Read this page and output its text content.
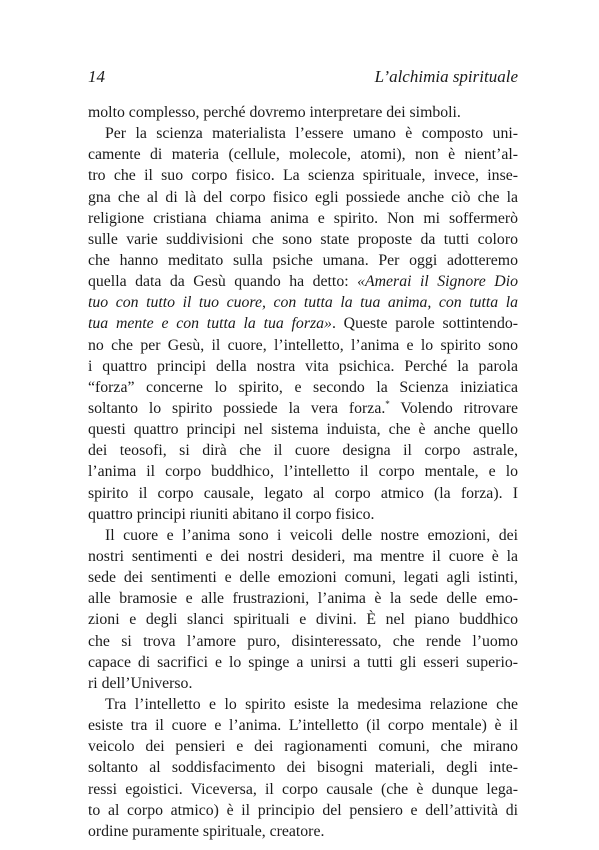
14	L’alchimia spirituale
molto complesso, perché dovremo interpretare dei simboli.
Per la scienza materialista l’essere umano è composto uni-
camente di materia (cellule, molecole, atomi), non è nient’al-
tro che il suo corpo fisico. La scienza spirituale, invece, inse-
gna che al di là del corpo fisico egli possiede anche ciò che la
religione cristiana chiama anima e spirito. Non mi soffermerò
sulle varie suddivisioni che sono state proposte da tutti coloro
che hanno meditato sulla psiche umana. Per oggi adotteremo
quella data da Gesù quando ha detto: «Amerai il Signore Dio
tuo con tutto il tuo cuore, con tutta la tua anima, con tutta la
tua mente e con tutta la tua forza». Queste parole sottintendo-
no che per Gesù, il cuore, l’intelletto, l’anima e lo spirito sono
i quattro principi della nostra vita psichica. Perché la parola
“forza” concerne lo spirito, e secondo la Scienza iniziatica
soltanto lo spirito possiede la vera forza.* Volendo ritrovare
questi quattro principi nel sistema induista, che è anche quello
dei teosofi, si dirà che il cuore designa il corpo astrale,
l’anima il corpo buddhico, l’intelletto il corpo mentale, e lo
spirito il corpo causale, legato al corpo atmico (la forza). I
quattro principi riuniti abitano il corpo fisico.
Il cuore e l’anima sono i veicoli delle nostre emozioni, dei
nostri sentimenti e dei nostri desideri, ma mentre il cuore è la
sede dei sentimenti e delle emozioni comuni, legati agli istinti,
alle bramosie e alle frustrazioni, l’anima è la sede delle emo-
zioni e degli slanci spirituali e divini. È nel piano buddhico
che si trova l’amore puro, disinteressato, che rende l’uomo
capace di sacrifici e lo spinge a unirsi a tutti gli esseri superio-
ri dell’Universo.
Tra l’intelletto e lo spirito esiste la medesima relazione che
esiste tra il cuore e l’anima. L’intelletto (il corpo mentale) è il
veicolo dei pensieri e dei ragionamenti comuni, che mirano
soltanto al soddisfacimento dei bisogni materiali, degli inte-
ressi egoistici. Viceversa, il corpo causale (che è dunque lega-
to al corpo atmico) è il principio del pensiero e dell’attività di
ordine puramente spirituale, creatore.
